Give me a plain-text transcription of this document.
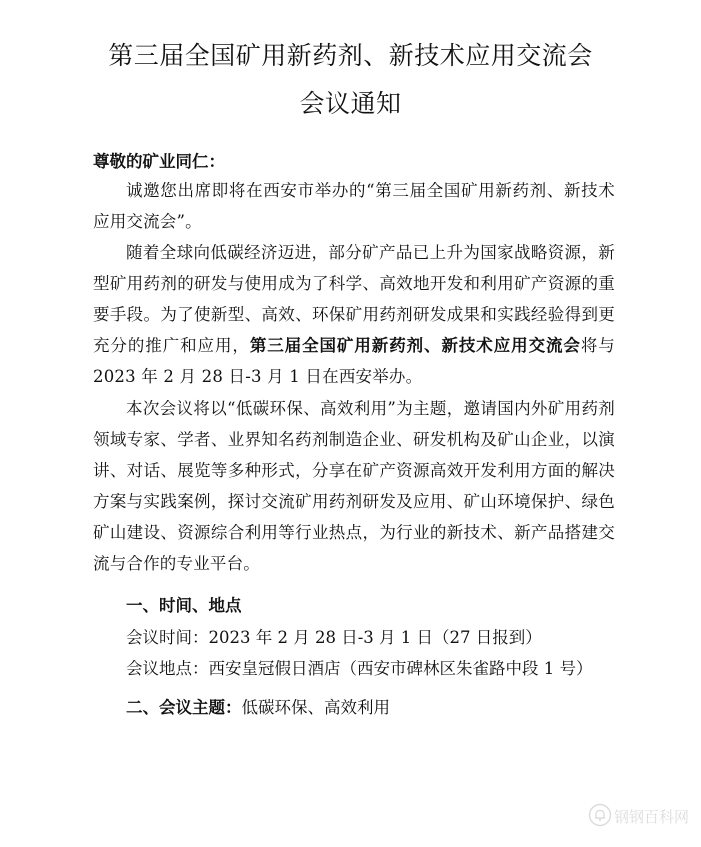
第三届全国矿用新药剂、新技术应用交流会
会议通知

尊敬的矿业同仁：

诚邀您出席即将在西安市举办的“第三届全国矿用新药剂、新技术应用交流会”。

随着全球向低碳经济迈进，部分矿产品已上升为国家战略资源，新型矿用药剂的研发与使用成为了科学、高效地开发和利用矿产资源的重要手段。为了使新型、高效、环保矿用药剂研发成果和实践经验得到更充分的推广和应用，第三届全国矿用新药剂、新技术应用交流会将与 2023 年 2 月 28 日-3 月 1 日在西安举办。

本次会议将以“低碳环保、高效利用”为主题，邀请国内外矿用药剂领域专家、学者、业界知名药剂制造企业、研发机构及矿山企业，以演讲、对话、展览等多种形式，分享在矿产资源高效开发利用方面的解决方案与实践案例，探讨交流矿用药剂研发及应用、矿山环境保护、绿色矿山建设、资源综合利用等行业热点，为行业的新技术、新产品搭建交流与合作的专业平台。

一、时间、地点

会议时间：2023 年 2 月 28 日-3 月 1 日（27 日报到）

会议地点：西安皇冠假日酒店（西安市碑林区朱雀路中段 1 号）

二、会议主题：低碳环保、高效利用

钢钢百科网
